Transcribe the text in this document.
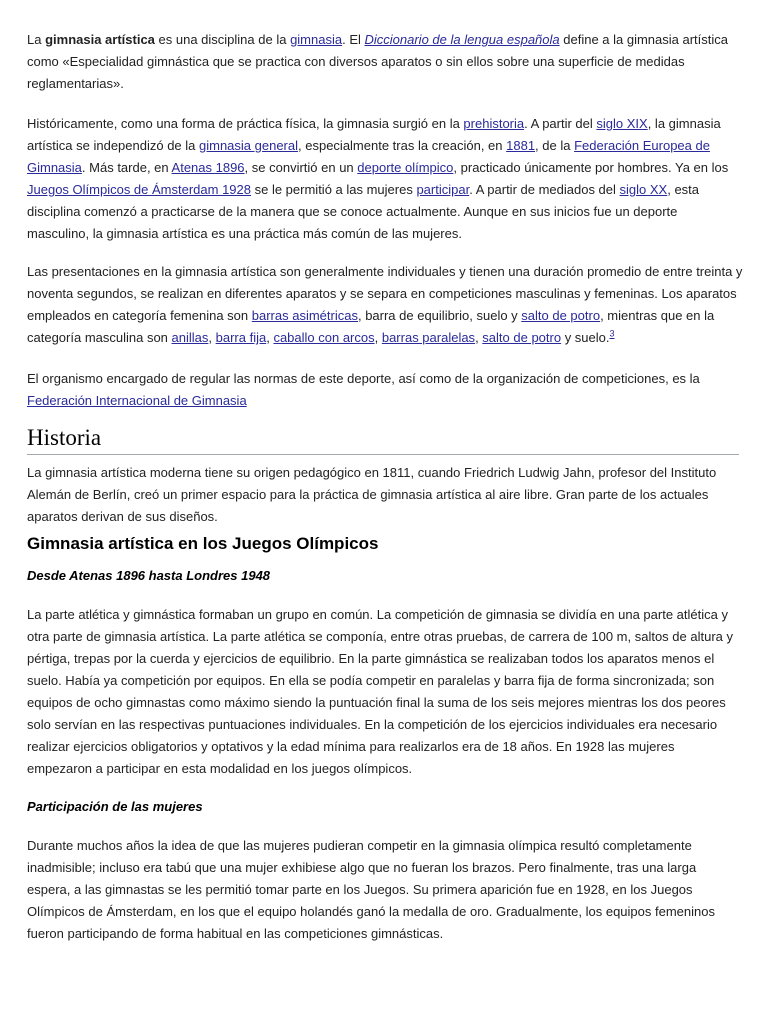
La gimnasia artística es una disciplina de la gimnasia. El Diccionario de la lengua española define a la gimnasia artística como «Especialidad gimnástica que se practica con diversos aparatos o sin ellos sobre una superficie de medidas reglamentarias».

Históricamente, como una forma de práctica física, la gimnasia surgió en la prehistoria. A partir del siglo XIX, la gimnasia artística se independizó de la gimnasia general, especialmente tras la creación, en 1881, de la Federación Europea de Gimnasia. Más tarde, en Atenas 1896, se convirtió en un deporte olímpico, practicado únicamente por hombres. Ya en los Juegos Olímpicos de Ámsterdam 1928 se le permitió a las mujeres participar. A partir de mediados del siglo XX, esta disciplina comenzó a practicarse de la manera que se conoce actualmente. Aunque en sus inicios fue un deporte masculino, la gimnasia artística es una práctica más común de las mujeres.

Las presentaciones en la gimnasia artística son generalmente individuales y tienen una duración promedio de entre treinta y noventa segundos, se realizan en diferentes aparatos y se separa en competiciones masculinas y femeninas. Los aparatos empleados en categoría femenina son barras asimétricas, barra de equilibrio, suelo y salto de potro, mientras que en la categoría masculina son anillas, barra fija, caballo con arcos, barras paralelas, salto de potro y suelo.$^3$

El organismo encargado de regular las normas de este deporte, así como de la organización de competiciones, es la Federación Internacional de Gimnasia

Historia

La gimnasia artística moderna tiene su origen pedagógico en 1811, cuando Friedrich Ludwig Jahn, profesor del Instituto Alemán de Berlín, creó un primer espacio para la práctica de gimnasia artística al aire libre. Gran parte de los actuales aparatos derivan de sus diseños.

Gimnasia artística en los Juegos Olímpicos
Desde Atenas 1896 hasta Londres 1948

La parte atlética y gimnástica formaban un grupo en común. La competición de gimnasia se dividía en una parte atlética y otra parte de gimnasia artística. La parte atlética se componía, entre otras pruebas, de carrera de 100 m, saltos de altura y pértiga, trepas por la cuerda y ejercicios de equilibrio. En la parte gimnástica se realizaban todos los aparatos menos el suelo. Había ya competición por equipos. En ella se podía competir en paralelas y barra fija de forma sincronizada; son equipos de ocho gimnastas como máximo siendo la puntuación final la suma de los seis mejores mientras los dos peores solo servían en las respectivas puntuaciones individuales. En la competición de los ejercicios individuales era necesario realizar ejercicios obligatorios y optativos y la edad mínima para realizarlos era de 18 años. En 1928 las mujeres empezaron a participar en esta modalidad en los juegos olímpicos.

Participación de las mujeres

Durante muchos años la idea de que las mujeres pudieran competir en la gimnasia olímpica resultó completamente inadmisible; incluso era tabú que una mujer exhibiese algo que no fueran los brazos. Pero finalmente, tras una larga espera, a las gimnastas se les permitió tomar parte en los Juegos. Su primera aparición fue en 1928, en los Juegos Olímpicos de Ámsterdam, en los que el equipo holandés ganó la medalla de oro. Gradualmente, los equipos femeninos fueron participando de forma habitual en las competiciones gimnásticas.
